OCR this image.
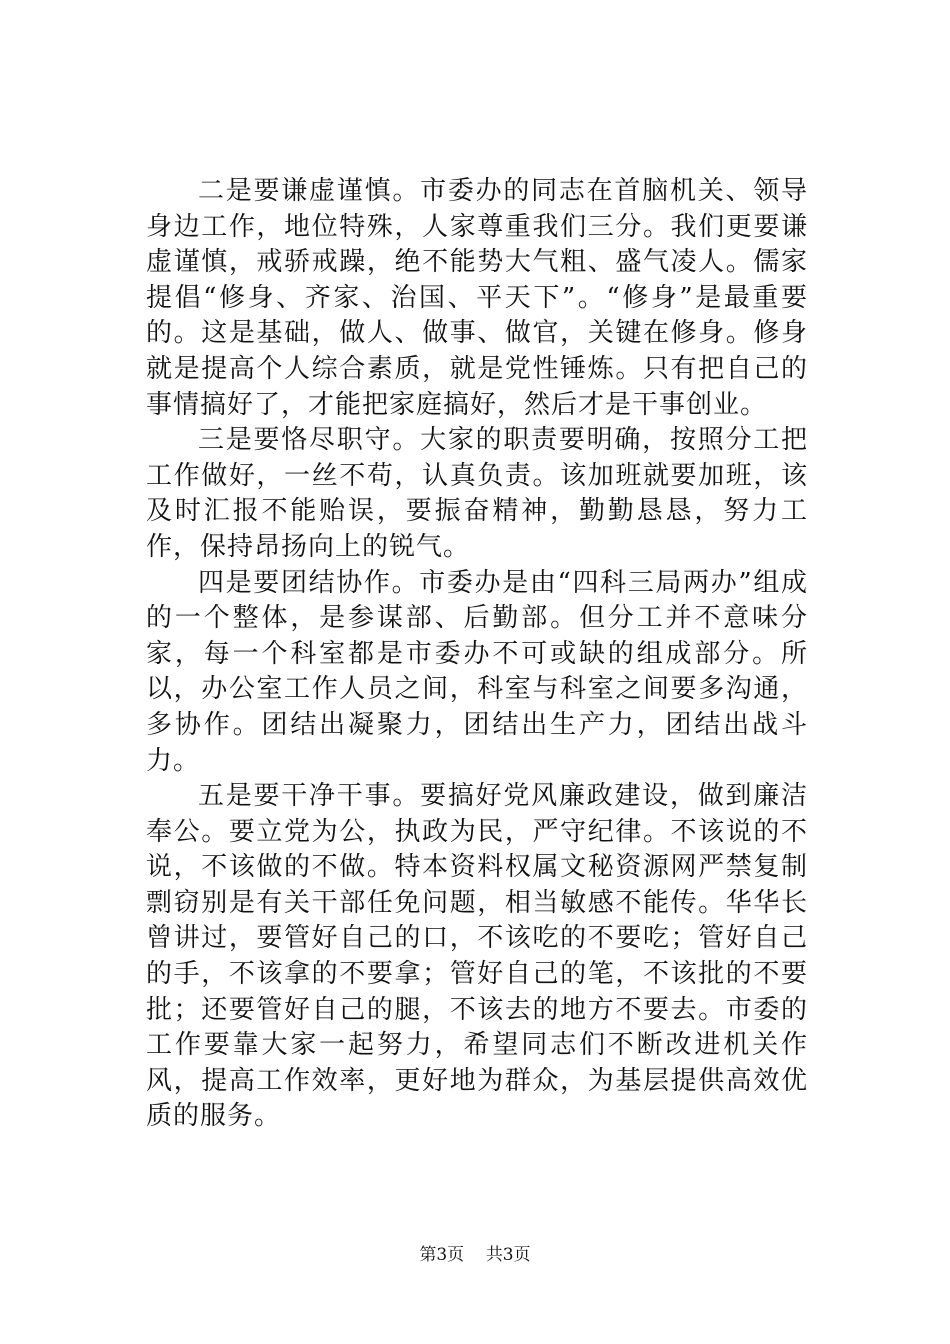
二是要谦虚谨慎。市委办的同志在首脑机关、领导身边工作，地位特殊，人家尊重我们三分。我们更要谦虚谨慎，戒骄戒躁，绝不能势大气粗、盛气凌人。儒家提倡“修身、齐家、治国、平天下”。“修身”是最重要的。这是基础，做人、做事、做官，关键在修身。修身就是提高个人综合素质，就是党性锤炼。只有把自己的事情搞好了，才能把家庭搞好，然后才是干事创业。

三是要恪尽职守。大家的职责要明确，按照分工把工作做好，一丝不苟，认真负责。该加班就要加班，该及时汇报不能贻误，要振奋精神，勤勤恳恳，努力工作，保持昂扬向上的锐气。

四是要团结协作。市委办是由“四科三局两办”组成的一个整体，是参谋部、后勤部。但分工并不意味分家，每一个科室都是市委办不可或缺的组成部分。所以，办公室工作人员之间，科室与科室之间要多沟通，多协作。团结出凝聚力，团结出生产力，团结出战斗力。

五是要干净干事。要搞好党风廉政建设，做到廉洁奉公。要立党为公，执政为民，严守纪律。不该说的不说，不该做的不做。特本资料权属文秘资源网严禁复制剽窃别是有关干部任免问题，相当敏感不能传。华华长曾讲过，要管好自己的口，不该吃的不要吃；管好自己的手，不该拿的不要拿；管好自己的笔，不该批的不要批；还要管好自己的腿，不该去的地方不要去。市委的工作要靠大家一起努力，希望同志们不断改进机关作风，提高工作效率，更好地为群众，为基层提供高效优质的服务。

第3页 共3页
